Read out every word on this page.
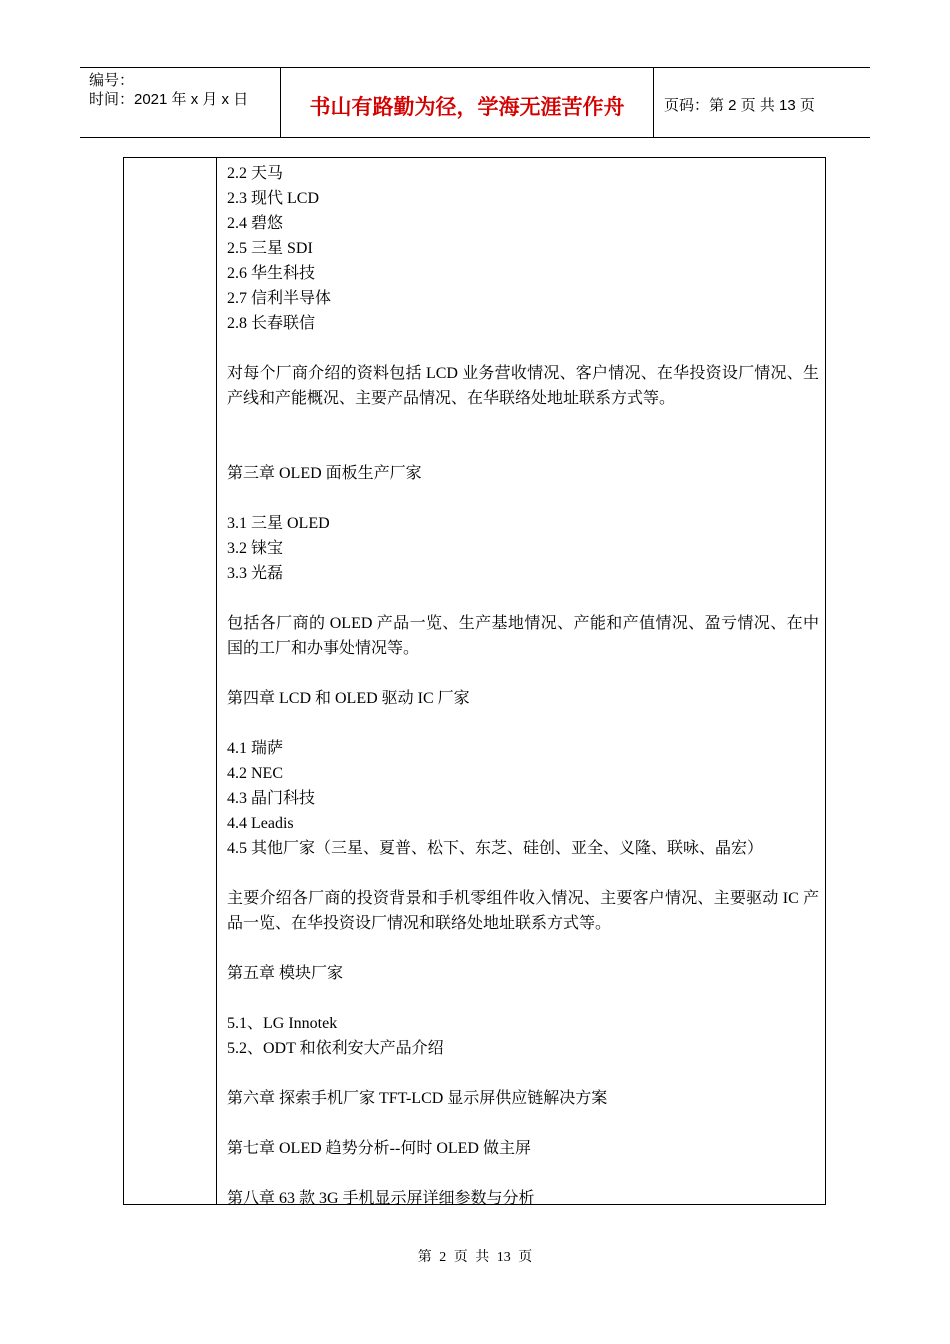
编号：
时间：2021 年 x 月 x 日	书山有路勤为径，学海无涯苦作舟	页码：第 2 页 共 13 页

2.2 天马

2.3 现代 LCD

2.4 碧悠

2.5 三星 SDI

2.6 华生科技

2.7 信利半导体

2.8 长春联信

对每个厂商介绍的资料包括 LCD 业务营收情况、客户情况、在华投资设厂情况、生产线和产能概况、主要产品情况、在华联络处地址联系方式等。

第三章 OLED 面板生产厂家

3.1 三星 OLED

3.2 铼宝

3.3 光磊

包括各厂商的 OLED 产品一览、生产基地情况、产能和产值情况、盈亏情况、在中国的工厂和办事处情况等。

第四章 LCD 和 OLED 驱动 IC 厂家

4.1 瑞萨

4.2 NEC

4.3 晶门科技

4.4 Leadis

4.5 其他厂家（三星、夏普、松下、东芝、硅创、亚全、义隆、联咏、晶宏）

主要介绍各厂商的投资背景和手机零组件收入情况、主要客户情况、主要驱动 IC 产品一览、在华投资设厂情况和联络处地址联系方式等。

第五章 模块厂家

5.1、LG Innotek

5.2、ODT 和依利安大产品介绍

第六章 探索手机厂家 TFT-LCD 显示屏供应链解决方案

第七章 OLED 趋势分析--何时 OLED 做主屏

第八章 63 款 3G 手机显示屏详细参数与分析

第 2 页 共 13 页
